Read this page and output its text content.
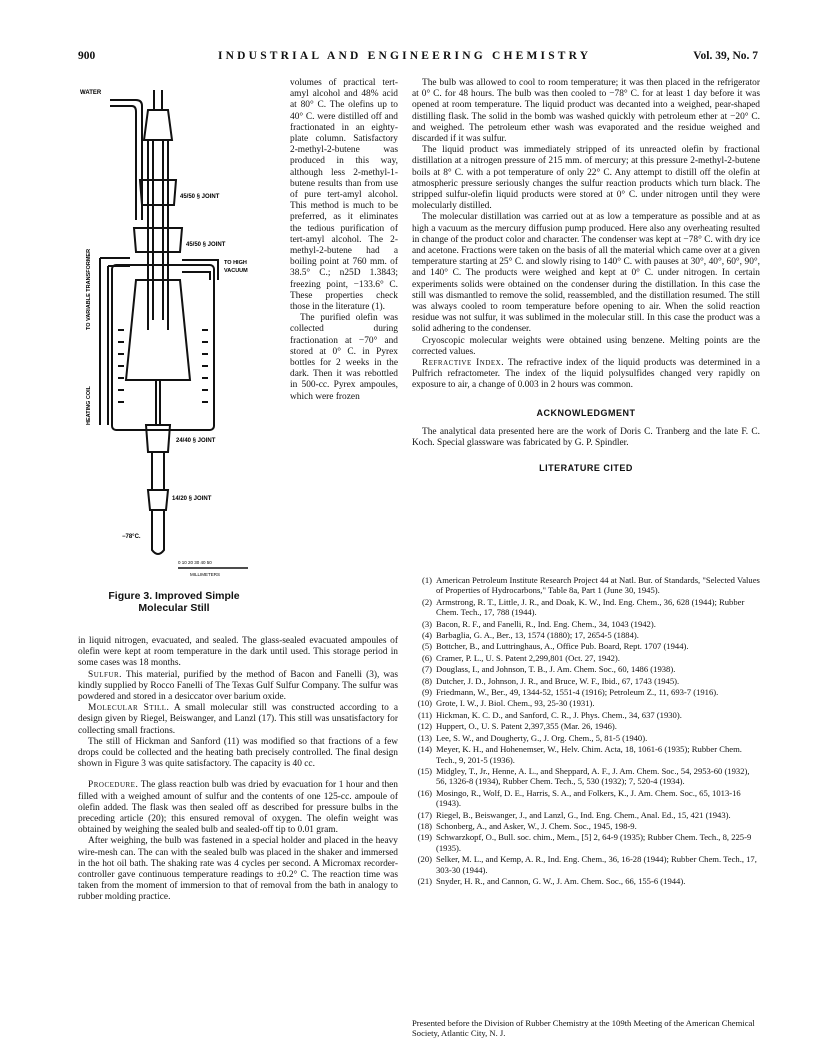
900	INDUSTRIAL AND ENGINEERING CHEMISTRY	Vol. 39, No. 7
WATER
45/50 § JOINT
45/50 § JOINT
TO HIGH
VACUUM
TO VARIABLE TRANSFORMER
HEATING COIL
24/40 § JOINT
14/20 § JOINT
−78°C.
0 10 20 30 40 50
MILLIMETERS
Figure 3. Improved Simple
Molecular Still

volumes of practical tert-amyl alcohol and 48% acid at 80° C. The olefins up to 40° C. were distilled off and fractionated in an eighty-plate column. Satisfactory 2-methyl-2-butene was produced in this way, although less 2-methyl-1-butene results than from use of pure tert-amyl alcohol. This method is much to be preferred, as it eliminates the tedious purification of tert-amyl alcohol. The 2-methyl-2-butene had a boiling point at 760 mm. of 38.5° C.; n25D 1.3843; freezing point, −133.6° C. These properties check those in the literature (1).

The purified olefin was collected during fractionation at −70° and stored at 0° C. in Pyrex bottles for 2 weeks in the dark. Then it was rebottled in 500-cc. Pyrex ampoules, which were frozen

in liquid nitrogen, evacuated, and sealed. The glass-sealed evacuated ampoules of olefin were kept at room temperature in the dark until used. This storage period in some cases was 18 months.

Sulfur. This material, purified by the method of Bacon and Fanelli (3), was kindly supplied by Rocco Fanelli of The Texas Gulf Sulfur Company. The sulfur was powdered and stored in a desiccator over barium oxide.

Molecular Still. A small molecular still was constructed according to a design given by Riegel, Beiswanger, and Lanzl (17). This still was unsatisfactory for collecting small fractions.

The still of Hickman and Sanford (11) was modified so that fractions of a few drops could be collected and the heating bath precisely controlled. The final design shown in Figure 3 was quite satisfactory. The capacity is 40 cc.

Procedure. The glass reaction bulb was dried by evacuation for 1 hour and then filled with a weighed amount of sulfur and the contents of one 125-cc. ampoule of olefin added. The flask was then sealed off as described for pressure bulbs in the preceding article (20); this ensured removal of oxygen. The olefin weight was obtained by weighing the sealed bulb and sealed-off tip to 0.01 gram.

After weighing, the bulb was fastened in a special holder and placed in the heavy wire-mesh can. The can with the sealed bulb was placed in the shaker and immersed in the hot oil bath. The shaking rate was 4 cycles per second. A Micromax recorder-controller gave continuous temperature readings to ±0.2° C. The reaction time was taken from the moment of immersion to that of removal from the bath in analogy to rubber molding practice.

The bulb was allowed to cool to room temperature; it was then placed in the refrigerator at 0° C. for 48 hours. The bulb was then cooled to −78° C. for at least 1 day before it was opened at room temperature. The liquid product was decanted into a weighed, pear-shaped distilling flask. The solid in the bomb was washed quickly with petroleum ether at −20° C. and weighed. The petroleum ether wash was evaporated and the residue weighed and discarded if it was sulfur.

The liquid product was immediately stripped of its unreacted olefin by fractional distillation at a nitrogen pressure of 215 mm. of mercury; at this pressure 2-methyl-2-butene boils at 8° C. with a pot temperature of only 22° C. Any attempt to distill off the olefin at atmospheric pressure seriously changes the sulfur reaction products which turn black. The stripped sulfur-olefin liquid products were stored at 0° C. under nitrogen until they were molecularly distilled.

The molecular distillation was carried out at as low a temperature as possible and at as high a vacuum as the mercury diffusion pump produced. Here also any overheating resulted in change of the product color and character. The condenser was kept at −78° C. with dry ice and acetone. Fractions were taken on the basis of all the material which came over at a given temperature starting at 25° C. and slowly rising to 140° C. with pauses at 30°, 40°, 60°, 90°, and 140° C. The products were weighed and kept at 0° C. under nitrogen. In certain experiments solids were obtained on the condenser during the distillation. In this case the still was dismantled to remove the solid, reassembled, and the distillation resumed. The still was always cooled to room temperature before opening to air. When the solid reaction residue was not sulfur, it was sublimed in the molecular still. In this case the product was a solid adhering to the condenser.

Cryoscopic molecular weights were obtained using benzene. Melting points are the corrected values.

Refractive Index. The refractive index of the liquid products was determined in a Pulfrich refractometer. The index of the liquid polysulfides changed very rapidly on exposure to air, a change of 0.003 in 2 hours was common.

ACKNOWLEDGMENT

The analytical data presented here are the work of Doris C. Tranberg and the late F. C. Koch. Special glassware was fabricated by G. P. Spindler.

LITERATURE CITED
(1) American Petroleum Institute Research Project 44 at Natl. Bur. of Standards, "Selected Values of Properties of Hydrocarbons," Table 8a, Part 1 (June 30, 1945).
(2) Armstrong, R. T., Little, J. R., and Doak, K. W., Ind. Eng. Chem., 36, 628 (1944); Rubber Chem. Tech., 17, 788 (1944).
(3) Bacon, R. F., and Fanelli, R., Ind. Eng. Chem., 34, 1043 (1942).
(4) Barbaglia, G. A., Ber., 13, 1574 (1880); 17, 2654-5 (1884).
(5) Bottcher, B., and Luttringhaus, A., Office Pub. Board, Rept. 1707 (1944).
(6) Cramer, P. L., U. S. Patent 2,299,801 (Oct. 27, 1942).
(7) Douglass, I., and Johnson, T. B., J. Am. Chem. Soc., 60, 1486 (1938).
(8) Dutcher, J. D., Johnson, J. R., and Bruce, W. F., Ibid., 67, 1743 (1945).
(9) Friedmann, W., Ber., 49, 1344-52, 1551-4 (1916); Petroleum Z., 11, 693-7 (1916).
(10) Grote, I. W., J. Biol. Chem., 93, 25-30 (1931).
(11) Hickman, K. C. D., and Sanford, C. R., J. Phys. Chem., 34, 637 (1930).
(12) Huppert, O., U. S. Patent 2,397,355 (Mar. 26, 1946).
(13) Lee, S. W., and Dougherty, G., J. Org. Chem., 5, 81-5 (1940).
(14) Meyer, K. H., and Hohenemser, W., Helv. Chim. Acta, 18, 1061-6 (1935); Rubber Chem. Tech., 9, 201-5 (1936).
(15) Midgley, T., Jr., Henne, A. L., and Sheppard, A. F., J. Am. Chem. Soc., 54, 2953-60 (1932), 56, 1326-8 (1934), Rubber Chem. Tech., 5, 530 (1932); 7, 520-4 (1934).
(16) Mosingo, R., Wolf, D. E., Harris, S. A., and Folkers, K., J. Am. Chem. Soc., 65, 1013-16 (1943).
(17) Riegel, B., Beiswanger, J., and Lanzl, G., Ind. Eng. Chem., Anal. Ed., 15, 421 (1943).
(18) Schonberg, A., and Asker, W., J. Chem. Soc., 1945, 198-9.
(19) Schwarzkopf, O., Bull. soc. chim., Mem., [5] 2, 64-9 (1935); Rubber Chem. Tech., 8, 225-9 (1935).
(20) Selker, M. L., and Kemp, A. R., Ind. Eng. Chem., 36, 16-28 (1944); Rubber Chem. Tech., 17, 303-30 (1944).
(21) Snyder, H. R., and Cannon, G. W., J. Am. Chem. Soc., 66, 155-6 (1944).
Presented before the Division of Rubber Chemistry at the 109th Meeting of the American Chemical Society, Atlantic City, N. J.
